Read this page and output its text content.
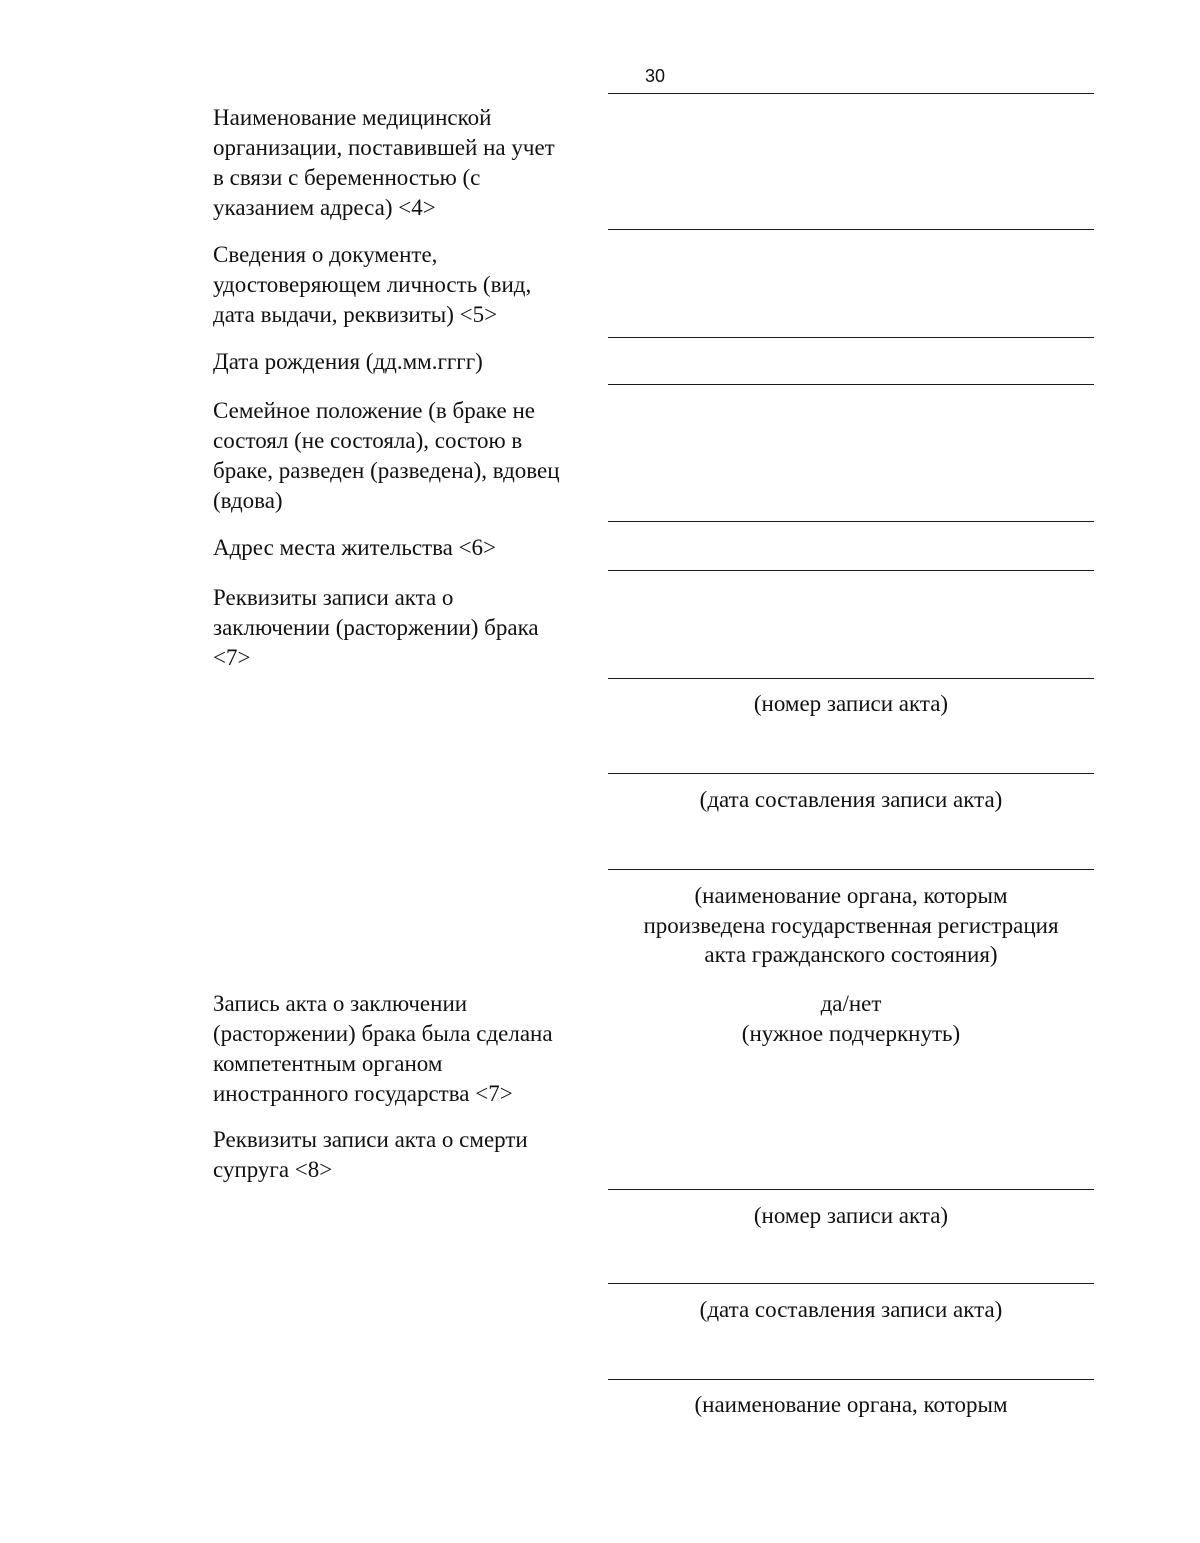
30
Наименование медицинской
организации, поставившей на учет
в связи с беременностью (с
указанием адреса) <4>
Сведения о документе,
удостоверяющем личность (вид,
дата выдачи, реквизиты) <5>
Дата рождения (дд.мм.гггг)
Семейное положение (в браке не
состоял (не состояла), состою в
браке, разведен (разведена), вдовец
(вдова)
Адрес места жительства <6>
Реквизиты записи акта о
заключении (расторжении) брака
<7>
(номер записи акта)
(дата составления записи акта)
(наименование органа, которым
произведена государственная регистрация
акта гражданского состояния)
Запись акта о заключении
(расторжении) брака была сделана
компетентным органом
иностранного государства <7>
да/нет
(нужное подчеркнуть)
Реквизиты записи акта о смерти
супруга <8>
(номер записи акта)
(дата составления записи акта)
(наименование органа, которым
